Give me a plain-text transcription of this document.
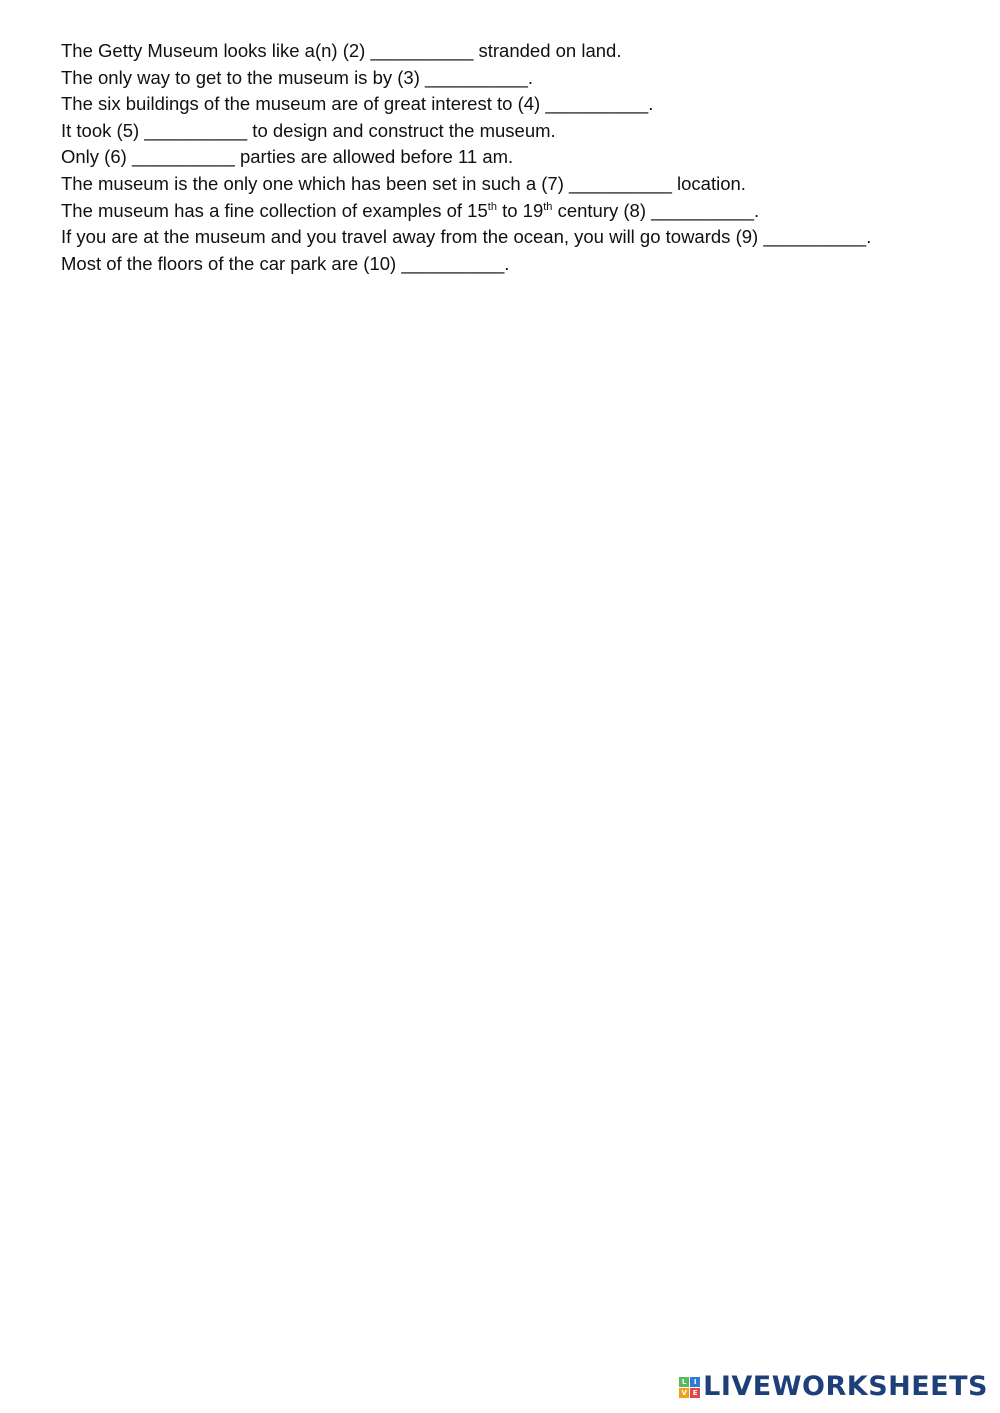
The Getty Museum looks like a(n) (2) __________ stranded on land.
The only way to get to the museum is by (3) __________.
The six buildings of the museum are of great interest to (4) __________.
It took (5) __________ to design and construct the museum.
Only (6) __________ parties are allowed before 11 am.
The museum is the only one which has been set in such a (7) __________ location.
The museum has a fine collection of examples of 15th to 19th century (8) __________.
If you are at the museum and you travel away from the ocean, you will go towards (9) __________.
Most of the floors of the car park are (10) __________.
L	I
V E LIVEWORKSHEETS
